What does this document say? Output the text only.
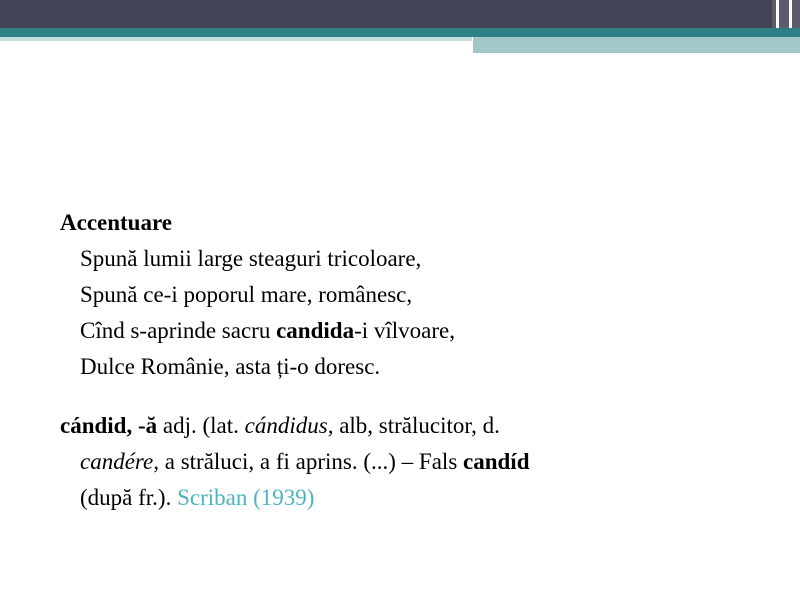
Accentuare
Spună lumii large steaguri tricoloare,
Spună ce-i poporul mare, românesc,
Cînd s-aprinde sacru candida-i vîlvoare,
Dulce Românie, asta ți-o doresc.
cándid, -ă adj. (lat. cándidus, alb, strălucitor, d.
candére, a străluci, a fi aprins. (...) – Fals candíd
(după fr.). Scriban (1939)
